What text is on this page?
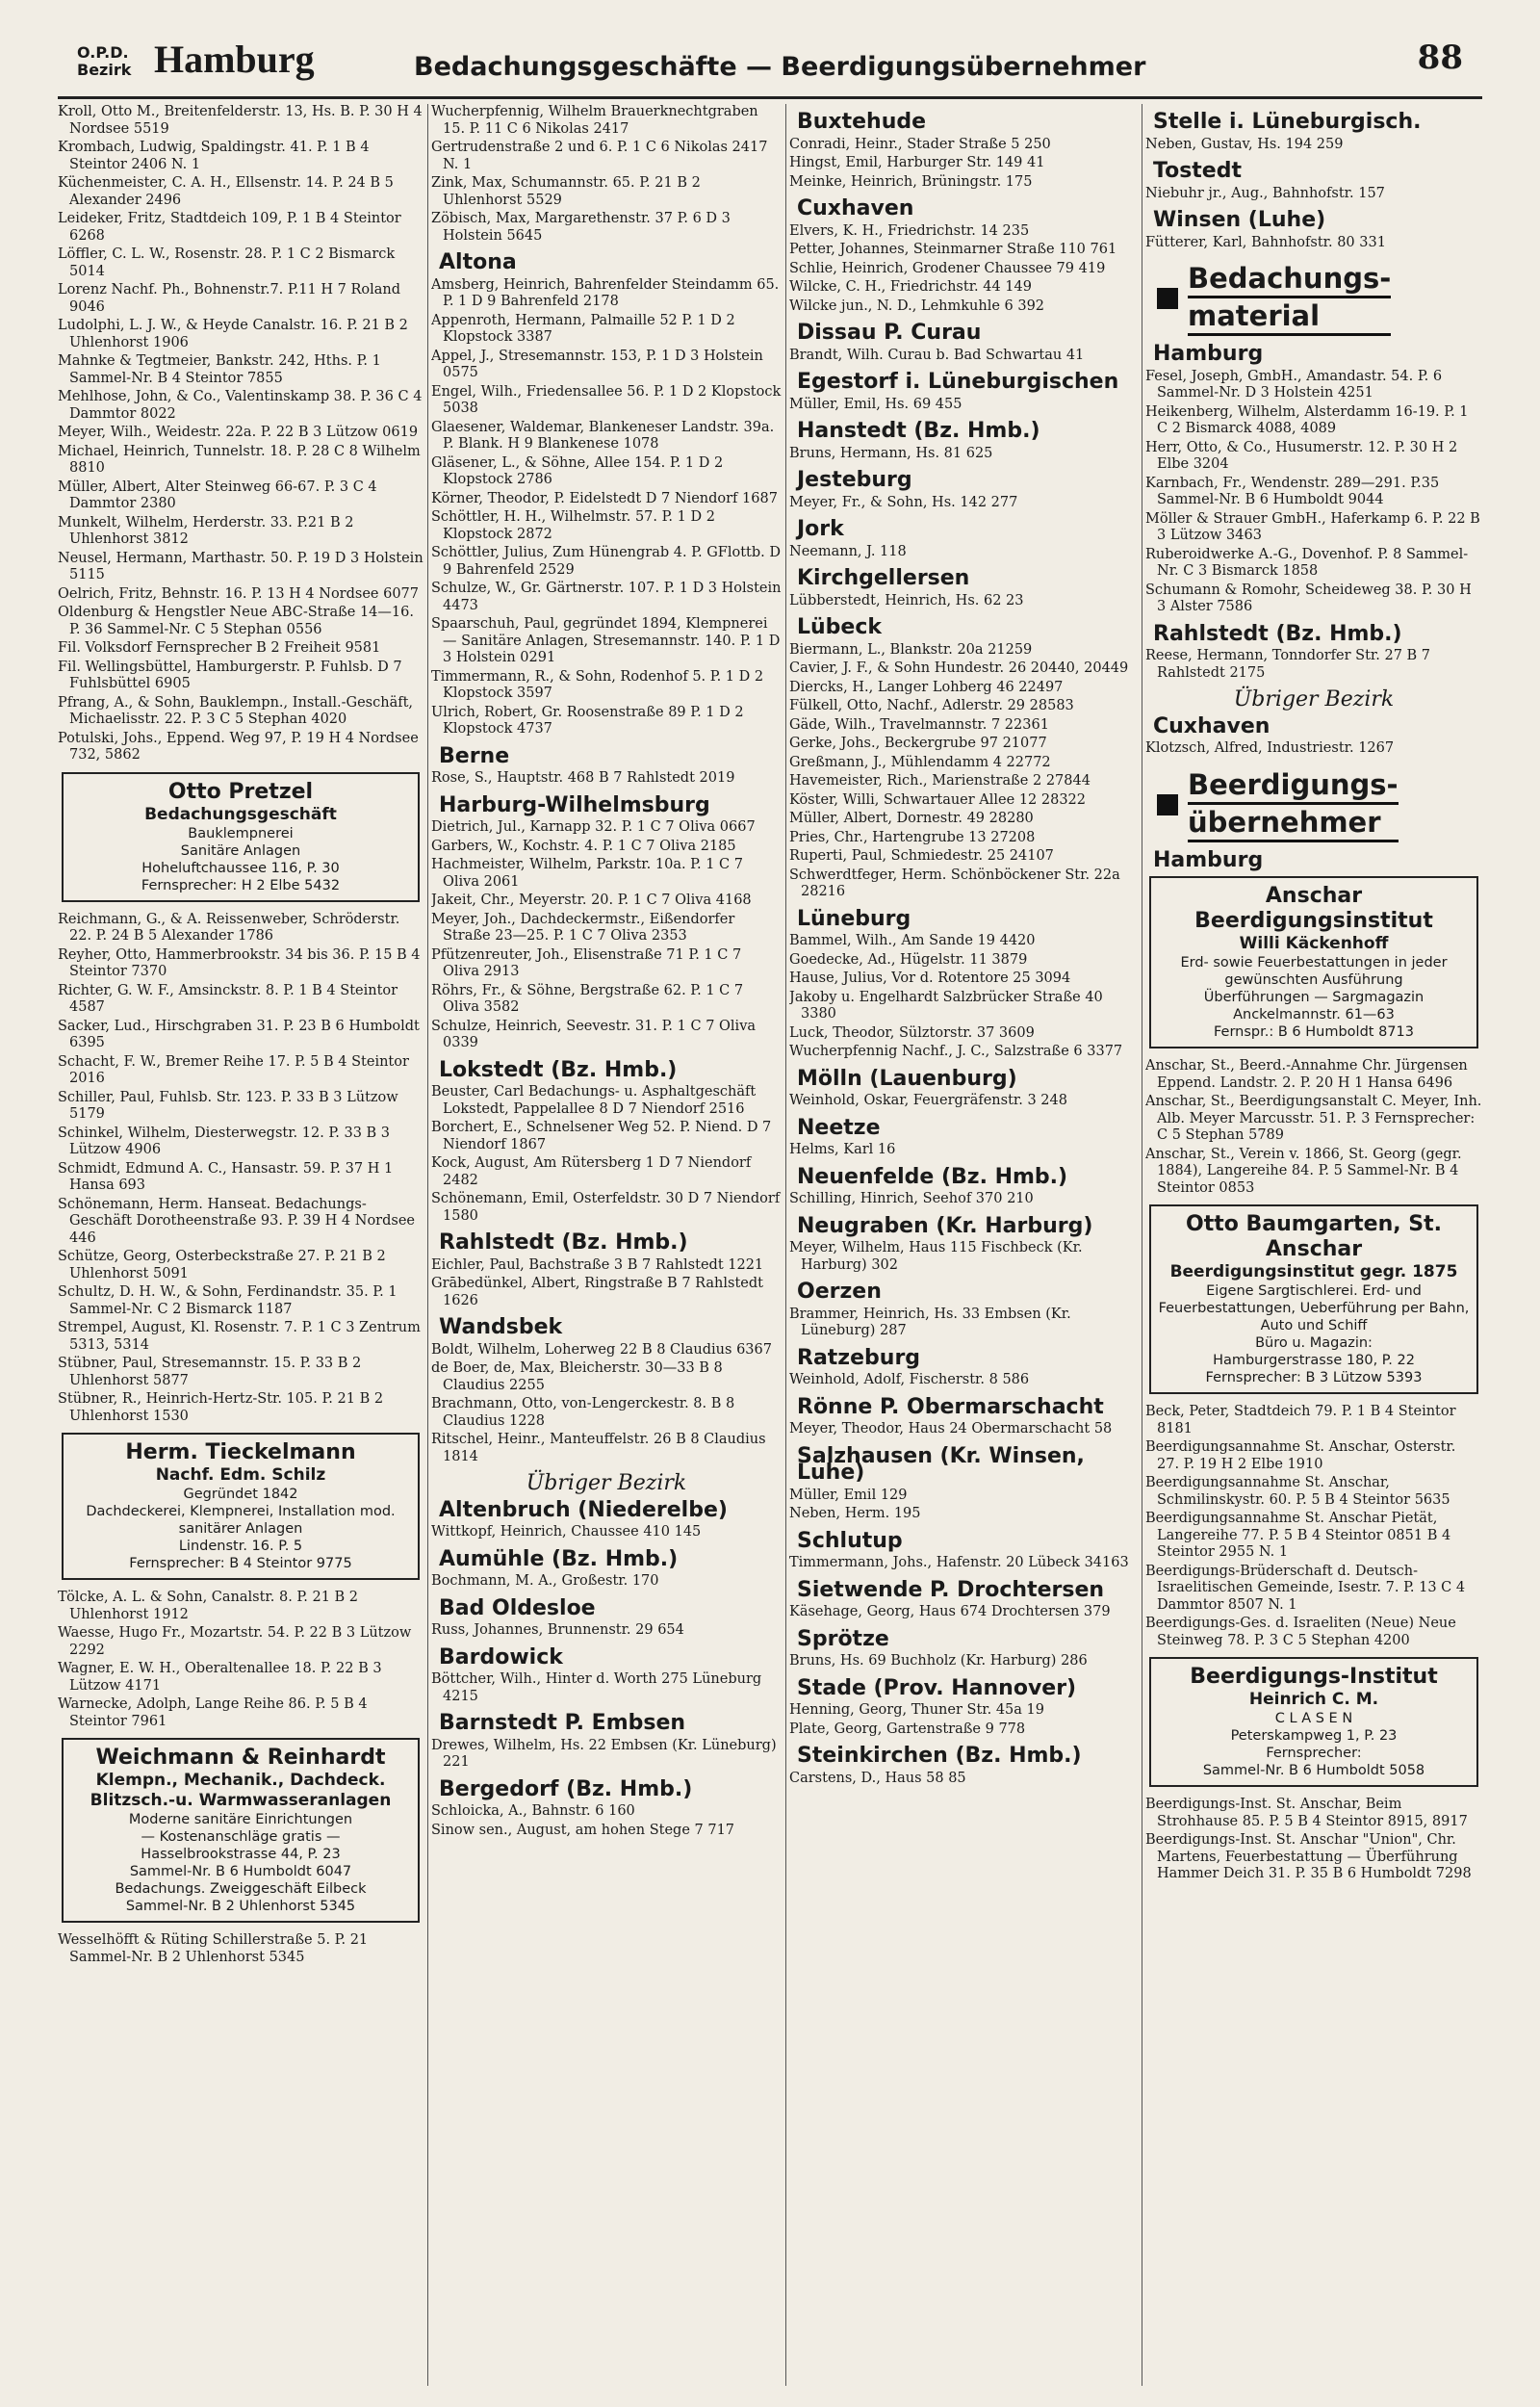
O.P.D.
Bezirk Hamburg	Bedachungsgeschäfte — Beerdigungsübernehmer	88
Kroll, Otto M., Breitenfelderstr. 13, Hs. B. P. 30 H 4 Nordsee 5519
Krombach, Ludwig, Spaldingstr. 41. P. 1 B 4 Steintor 2406 N. 1
Küchenmeister, C. A. H., Ellsenstr. 14. P. 24 B 5 Alexander 2496
Leideker, Fritz, Stadtdeich 109, P. 1 B 4 Steintor 6268
Löffler, C. L. W., Rosenstr. 28. P. 1 C 2 Bismarck 5014
Lorenz Nachf. Ph., Bohnenstr.7. P.11 H 7 Roland 9046
Ludolphi, L. J. W., & Heyde Canalstr. 16. P. 21 B 2 Uhlenhorst 1906
Mahnke & Tegtmeier, Bankstr. 242, Hths. P. 1 Sammel-Nr. B 4 Steintor 7855
Mehlhose, John, & Co., Valentinskamp 38. P. 36 C 4 Dammtor 8022
Meyer, Wilh., Weidestr. 22a. P. 22 B 3 Lützow 0619
Michael, Heinrich, Tunnelstr. 18. P. 28 C 8 Wilhelm 8810
Müller, Albert, Alter Steinweg 66-67. P. 3 C 4 Dammtor 2380
Munkelt, Wilhelm, Herderstr. 33. P.21 B 2 Uhlenhorst 3812
Neusel, Hermann, Marthastr. 50. P. 19 D 3 Holstein 5115
Oelrich, Fritz, Behnstr. 16. P. 13 H 4 Nordsee 6077
Oldenburg & Hengstler Neue ABC-Straße 14—16. P. 36 Sammel-Nr. C 5 Stephan 0556
Fil. Volksdorf Fernsprecher B 2 Freiheit 9581
Fil. Wellingsbüttel, Hamburgerstr. P. Fuhlsb. D 7 Fuhlsbüttel 6905
Pfrang, A., & Sohn, Bauklempn., Install.-Geschäft, Michaelisstr. 22. P. 3 C 5 Stephan 4020
Potulski, Johs., Eppend. Weg 97, P. 19 H 4 Nordsee 732, 5862
Otto Pretzel
Bedachungsgeschäft
Bauklempnerei
Sanitäre Anlagen
Hoheluftchaussee 116, P. 30
Fernsprecher: H 2 Elbe 5432
Reichmann, G., & A. Reissenweber, Schröderstr. 22. P. 24 B 5 Alexander 1786
Reyher, Otto, Hammerbrookstr. 34 bis 36. P. 15 B 4 Steintor 7370
Richter, G. W. F., Amsinckstr. 8. P. 1 B 4 Steintor 4587
Sacker, Lud., Hirschgraben 31. P. 23 B 6 Humboldt 6395
Schacht, F. W., Bremer Reihe 17. P. 5 B 4 Steintor 2016
Schiller, Paul, Fuhlsb. Str. 123. P. 33 B 3 Lützow 5179
Schinkel, Wilhelm, Diesterwegstr. 12. P. 33 B 3 Lützow 4906
Schmidt, Edmund A. C., Hansastr. 59. P. 37 H 1 Hansa 693
Schönemann, Herm. Hanseat. Bedachungs-Geschäft Dorotheenstraße 93. P. 39 H 4 Nordsee 446
Schütze, Georg, Osterbeckstraße 27. P. 21 B 2 Uhlenhorst 5091
Schultz, D. H. W., & Sohn, Ferdinandstr. 35. P. 1 Sammel-Nr. C 2 Bismarck 1187
Strempel, August, Kl. Rosenstr. 7. P. 1 C 3 Zentrum 5313, 5314
Stübner, Paul, Stresemannstr. 15. P. 33 B 2 Uhlenhorst 5877
Stübner, R., Heinrich-Hertz-Str. 105. P. 21 B 2 Uhlenhorst 1530
Herm. Tieckelmann
Nachf. Edm. Schilz
Gegründet 1842
Dachdeckerei, Klempnerei, Installation mod. sanitärer Anlagen
Lindenstr. 16. P. 5
Fernsprecher: B 4 Steintor 9775
Tölcke, A. L. & Sohn, Canalstr. 8. P. 21 B 2 Uhlenhorst 1912
Waesse, Hugo Fr., Mozartstr. 54. P. 22 B 3 Lützow 2292
Wagner, E. W. H., Oberaltenallee 18. P. 22 B 3 Lützow 4171
Warnecke, Adolph, Lange Reihe 86. P. 5 B 4 Steintor 7961
Weichmann & Reinhardt
Klempn., Mechanik., Dachdeck. Blitzsch.-u. Warmwasseranlagen
Moderne sanitäre Einrichtungen
— Kostenanschläge gratis —
Hasselbrookstrasse 44, P. 23
Sammel-Nr. B 6 Humboldt 6047
Bedachungs. Zweiggeschäft Eilbeck
Sammel-Nr. B 2 Uhlenhorst 5345
Wesselhöfft & Rüting Schillerstraße 5. P. 21 Sammel-Nr. B 2 Uhlenhorst 5345
Wucherpfennig, Wilhelm Brauerknechtgraben 15. P. 11 C 6 Nikolas 2417
Gertrudenstraße 2 und 6. P. 1 C 6 Nikolas 2417 N. 1
Zink, Max, Schumannstr. 65. P. 21 B 2 Uhlenhorst 5529
Zöbisch, Max, Margarethenstr. 37 P. 6 D 3 Holstein 5645
Altona
Amsberg, Heinrich, Bahrenfelder Steindamm 65. P. 1 D 9 Bahrenfeld 2178
Appenroth, Hermann, Palmaille 52 P. 1 D 2 Klopstock 3387
Appel, J., Stresemannstr. 153, P. 1 D 3 Holstein 0575
Engel, Wilh., Friedensallee 56. P. 1 D 2 Klopstock 5038
Glaesener, Waldemar, Blankeneser Landstr. 39a. P. Blank. H 9 Blankenese 1078
Gläsener, L., & Söhne, Allee 154. P. 1 D 2 Klopstock 2786
Körner, Theodor, P. Eidelstedt D 7 Niendorf 1687
Schöttler, H. H., Wilhelmstr. 57. P. 1 D 2 Klopstock 2872
Schöttler, Julius, Zum Hünengrab 4. P. GFlottb. D 9 Bahrenfeld 2529
Schulze, W., Gr. Gärtnerstr. 107. P. 1 D 3 Holstein 4473
Spaarschuh, Paul, gegründet 1894, Klempnerei — Sanitäre Anlagen, Stresemannstr. 140. P. 1 D 3 Holstein 0291
Timmermann, R., & Sohn, Rodenhof 5. P. 1 D 2 Klopstock 3597
Ulrich, Robert, Gr. Roosenstraße 89 P. 1 D 2 Klopstock 4737
Berne
Rose, S., Hauptstr. 468 B 7 Rahlstedt 2019
Harburg-Wilhelmsburg
Dietrich, Jul., Karnapp 32. P. 1 C 7 Oliva 0667
Garbers, W., Kochstr. 4. P. 1 C 7 Oliva 2185
Hachmeister, Wilhelm, Parkstr. 10a. P. 1 C 7 Oliva 2061
Jakeit, Chr., Meyerstr. 20. P. 1 C 7 Oliva 4168
Meyer, Joh., Dachdeckermstr., Eißendorfer Straße 23—25. P. 1 C 7 Oliva 2353
Pfützenreuter, Joh., Elisenstraße 71 P. 1 C 7 Oliva 2913
Röhrs, Fr., & Söhne, Bergstraße 62. P. 1 C 7 Oliva 3582
Schulze, Heinrich, Seevestr. 31. P. 1 C 7 Oliva 0339
Lokstedt (Bz. Hmb.)
Beuster, Carl Bedachungs- u. Asphaltgeschäft Lokstedt, Pappelallee 8 D 7 Niendorf 2516
Borchert, E., Schnelsener Weg 52. P. Niend. D 7 Niendorf 1867
Kock, August, Am Rütersberg 1 D 7 Niendorf 2482
Schönemann, Emil, Osterfeldstr. 30 D 7 Niendorf 1580
Rahlstedt (Bz. Hmb.)
Eichler, Paul, Bachstraße 3 B 7 Rahlstedt 1221
Grābedünkel, Albert, Ringstraße B 7 Rahlstedt 1626
Wandsbek
Boldt, Wilhelm, Loherweg 22 B 8 Claudius 6367
de Boer, de, Max, Bleicherstr. 30—33 B 8 Claudius 2255
Brachmann, Otto, von-Lengerckestr. 8. B 8 Claudius 1228
Ritschel, Heinr., Manteuffelstr. 26 B 8 Claudius 1814
Übriger Bezirk
Altenbruch (Niederelbe)
Wittkopf, Heinrich, Chaussee 410 145
Aumühle (Bz. Hmb.)
Bochmann, M. A., Großestr. 170
Bad Oldesloe
Russ, Johannes, Brunnenstr. 29 654
Bardowick
Böttcher, Wilh., Hinter d. Worth 275 Lüneburg 4215
Barnstedt P. Embsen
Drewes, Wilhelm, Hs. 22 Embsen (Kr. Lüneburg) 221
Bergedorf (Bz. Hmb.)
Schloicka, A., Bahnstr. 6 160
Sinow sen., August, am hohen Stege 7 717
Buxtehude
Conradi, Heinr., Stader Straße 5 250
Hingst, Emil, Harburger Str. 149 41
Meinke, Heinrich, Brüningstr. 175
Cuxhaven
Elvers, K. H., Friedrichstr. 14 235
Petter, Johannes, Steinmarner Straße 110 761
Schlie, Heinrich, Grodener Chaussee 79 419
Wilcke, C. H., Friedrichstr. 44 149
Wilcke jun., N. D., Lehmkuhle 6 392
Dissau P. Curau
Brandt, Wilh. Curau b. Bad Schwartau 41
Egestorf i. Lüneburgischen
Müller, Emil, Hs. 69 455
Hanstedt (Bz. Hmb.)
Bruns, Hermann, Hs. 81 625
Jesteburg
Meyer, Fr., & Sohn, Hs. 142 277
Jork
Neemann, J. 118
Kirchgellersen
Lübberstedt, Heinrich, Hs. 62 23
Lübeck
Biermann, L., Blankstr. 20a 21259
Cavier, J. F., & Sohn Hundestr. 26 20440, 20449
Diercks, H., Langer Lohberg 46 22497
Fülkell, Otto, Nachf., Adlerstr. 29 28583
Gäde, Wilh., Travelmannstr. 7 22361
Gerke, Johs., Beckergrube 97 21077
Greßmann, J., Mühlendamm 4 22772
Havemeister, Rich., Marienstraße 2 27844
Köster, Willi, Schwartauer Allee 12 28322
Müller, Albert, Dornestr. 49 28280
Pries, Chr., Hartengrube 13 27208
Ruperti, Paul, Schmiedestr. 25 24107
Schwerdtfeger, Herm. Schönböckener Str. 22a 28216
Lüneburg
Bammel, Wilh., Am Sande 19 4420
Goedecke, Ad., Hügelstr. 11 3879
Hause, Julius, Vor d. Rotentore 25 3094
Jakoby u. Engelhardt Salzbrücker Straße 40 3380
Luck, Theodor, Sülztorstr. 37 3609
Wucherpfennig Nachf., J. C., Salzstraße 6 3377
Mölln (Lauenburg)
Weinhold, Oskar, Feuergräfenstr. 3 248
Neetze
Helms, Karl 16
Neuenfelde (Bz. Hmb.)
Schilling, Hinrich, Seehof 370 210
Neugraben (Kr. Harburg)
Meyer, Wilhelm, Haus 115 Fischbeck (Kr. Harburg) 302
Oerzen
Brammer, Heinrich, Hs. 33 Embsen (Kr. Lüneburg) 287
Ratzeburg
Weinhold, Adolf, Fischerstr. 8 586
Rönne P. Obermarschacht
Meyer, Theodor, Haus 24 Obermarschacht 58
Salzhausen (Kr. Winsen, Luhe)
Müller, Emil 129
Neben, Herm. 195
Schlutup
Timmermann, Johs., Hafenstr. 20 Lübeck 34163
Sietwende P. Drochtersen
Käsehage, Georg, Haus 674 Drochtersen 379
Sprötze
Bruns, Hs. 69 Buchholz (Kr. Harburg) 286
Stade (Prov. Hannover)
Henning, Georg, Thuner Str. 45a 19
Plate, Georg, Gartenstraße 9 778
Steinkirchen (Bz. Hmb.)
Carstens, D., Haus 58 85
Stelle i. Lüneburgisch.
Neben, Gustav, Hs. 194 259
Tostedt
Niebuhr jr., Aug., Bahnhofstr. 157
Winsen (Luhe)
Fütterer, Karl, Bahnhofstr. 80 331
Bedachungs-
material
Hamburg
Fesel, Joseph, GmbH., Amandastr. 54. P. 6 Sammel-Nr. D 3 Holstein 4251
Heikenberg, Wilhelm, Alsterdamm 16-19. P. 1 C 2 Bismarck 4088, 4089
Herr, Otto, & Co., Husumerstr. 12. P. 30 H 2 Elbe 3204
Karnbach, Fr., Wendenstr. 289—291. P.35 Sammel-Nr. B 6 Humboldt 9044
Möller & Strauer GmbH., Haferkamp 6. P. 22 B 3 Lützow 3463
Ruberoidwerke A.-G., Dovenhof. P. 8 Sammel-Nr. C 3 Bismarck 1858
Schumann & Romohr, Scheideweg 38. P. 30 H 3 Alster 7586
Rahlstedt (Bz. Hmb.)
Reese, Hermann, Tonndorfer Str. 27 B 7 Rahlstedt 2175
Übriger Bezirk
Cuxhaven
Klotzsch, Alfred, Industriestr. 1267
Beerdigungs-
übernehmer
Hamburg
Anschar Beerdigungsinstitut
Willi Käckenhoff
Erd- sowie Feuerbestattungen in jeder gewünschten Ausführung
Überführungen — Sargmagazin
Anckelmannstr. 61—63
Fernspr.: B 6 Humboldt 8713
Anschar, St., Beerd.-Annahme Chr. Jürgensen Eppend. Landstr. 2. P. 20 H 1 Hansa 6496
Anschar, St., Beerdigungsanstalt C. Meyer, Inh. Alb. Meyer Marcusstr. 51. P. 3 Fernsprecher: C 5 Stephan 5789
Anschar, St., Verein v. 1866, St. Georg (gegr. 1884), Langereihe 84. P. 5 Sammel-Nr. B 4 Steintor 0853
Otto Baumgarten, St. Anschar
Beerdigungsinstitut gegr. 1875
Eigene Sargtischlerei. Erd- und Feuerbestattungen, Ueberführung per Bahn, Auto und Schiff
Büro u. Magazin:
Hamburgerstrasse 180, P. 22
Fernsprecher: B 3 Lützow 5393
Beck, Peter, Stadtdeich 79. P. 1 B 4 Steintor 8181
Beerdigungsannahme St. Anschar, Osterstr. 27. P. 19 H 2 Elbe 1910
Beerdigungsannahme St. Anschar, Schmilinskystr. 60. P. 5 B 4 Steintor 5635
Beerdigungsannahme St. Anschar Pietät, Langereihe 77. P. 5 B 4 Steintor 0851 B 4 Steintor 2955 N. 1
Beerdigungs-Brüderschaft d. Deutsch-Israelitischen Gemeinde, Isestr. 7. P. 13 C 4 Dammtor 8507 N. 1
Beerdigungs-Ges. d. Israeliten (Neue) Neue Steinweg 78. P. 3 C 5 Stephan 4200
Beerdigungs-Institut
Heinrich C. M.
C L A S E N
Peterskampweg 1, P. 23
Fernsprecher:
Sammel-Nr. B 6 Humboldt 5058
Beerdigungs-Inst. St. Anschar, Beim Strohhause 85. P. 5 B 4 Steintor 8915, 8917
Beerdigungs-Inst. St. Anschar "Union", Chr. Martens, Feuerbestattung — Überführung Hammer Deich 31. P. 35 B 6 Humboldt 7298
